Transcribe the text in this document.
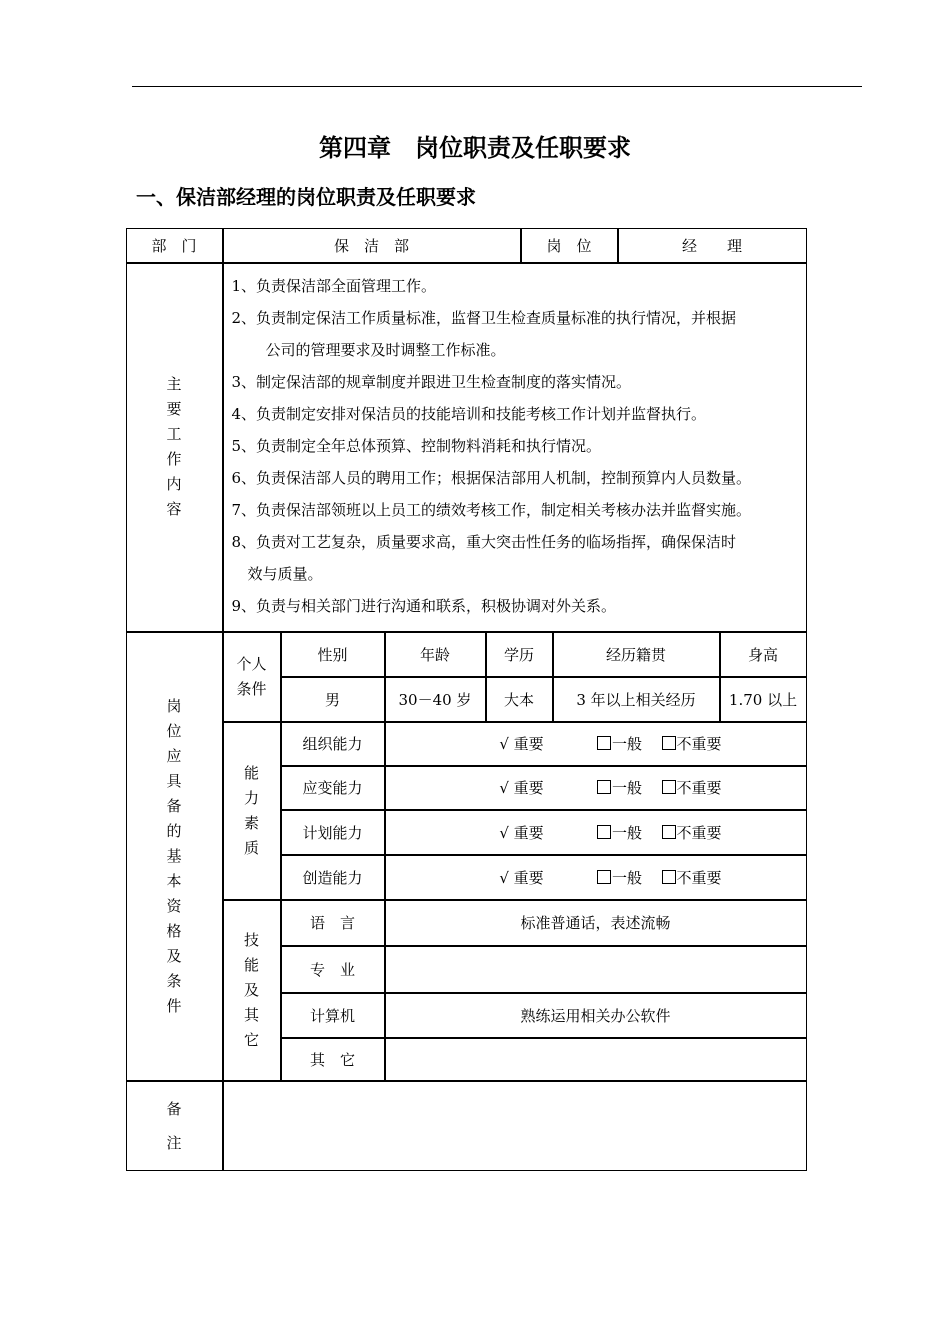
第四章　岗位职责及任职要求
一、保洁部经理的岗位职责及任职要求
部　门	保　洁　部	岗　位	经　　理
主
要
工
作
内
容
1、负责保洁部全面管理工作。
2、负责制定保洁工作质量标准，监督卫生检查质量标准的执行情况，并根据
公司的管理要求及时调整工作标准。
3、制定保洁部的规章制度并跟进卫生检查制度的落实情况。
4、负责制定安排对保洁员的技能培训和技能考核工作计划并监督执行。
5、负责制定全年总体预算、控制物料消耗和执行情况。
6、负责保洁部人员的聘用工作；根据保洁部用人机制，控制预算内人员数量。
7、负责保洁部领班以上员工的绩效考核工作，制定相关考核办法并监督实施。
8、负责对工艺复杂，质量要求高，重大突击性任务的临场指挥，确保保洁时
效与质量。
9、负责与相关部门进行沟通和联系，积极协调对外关系。
岗
位
应
具
备
的
基
本
资
格
及
条
件
个人
条件
性别	年龄	学历	经历籍贯	身高
男	30－40 岁	大本	3 年以上相关经历	1.70 以上
能
力
素
质
组织能力	√ 重要	一般	不重要
应变能力	√ 重要	一般	不重要
计划能力	√ 重要	一般	不重要
创造能力	√ 重要	一般	不重要
技
能
及
其
它
语　言	标准普通话，表述流畅
专　业
计算机	熟练运用相关办公软件
其　它
备
注
